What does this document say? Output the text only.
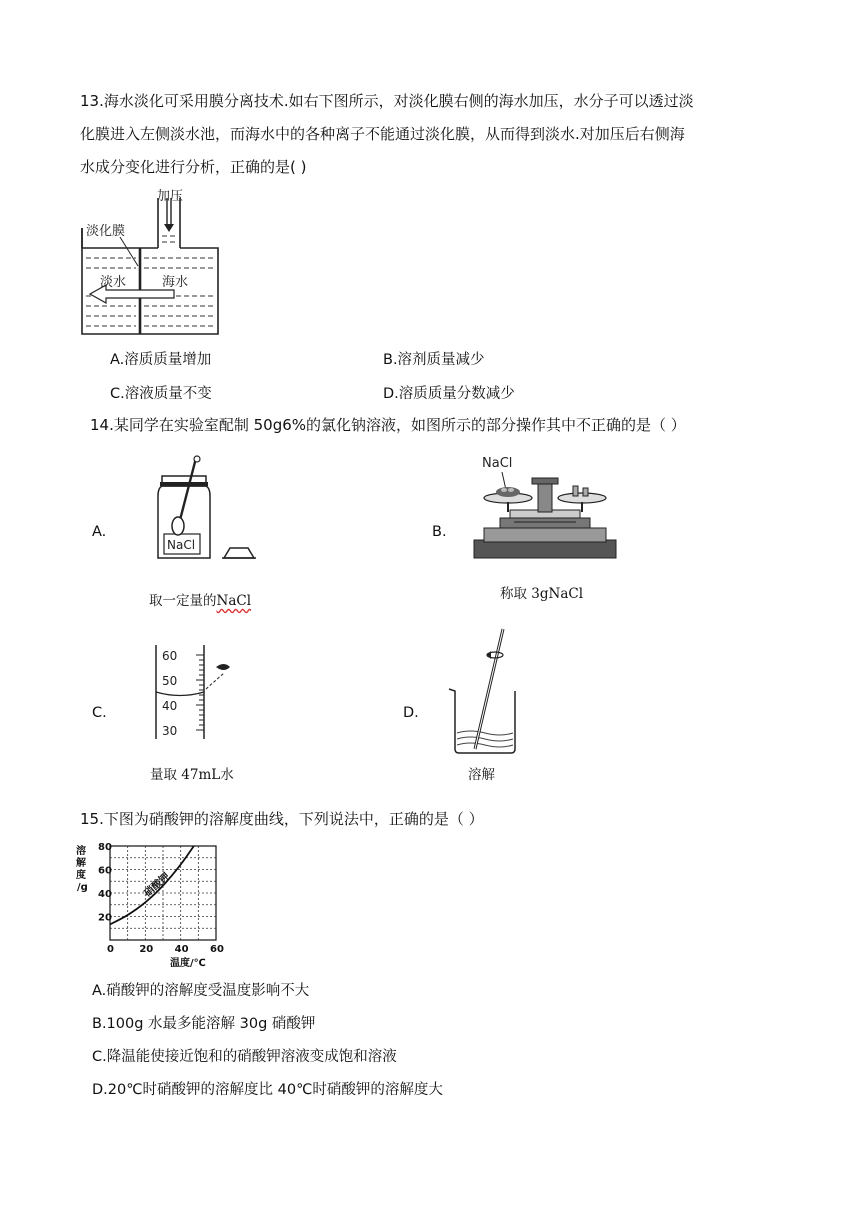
13.海水淡化可采用膜分离技术.如右下图所示，对淡化膜右侧的海水加压，水分子可以透过淡
化膜进入左侧淡水池，而海水中的各种离子不能通过淡化膜，从而得到淡水.对加压后右侧海
水成分变化进行分析，正确的是( )
加压
淡化膜
淡水	海水
A.溶质质量增加	B.溶剂质量减少
C.溶液质量不变	D.溶质质量分数减少
14.某同学在实验室配制 50g6%的氯化钠溶液，如图所示的部分操作其中不正确的是（ ）
A.
NaCl
取一定量的NaCl
B.
NaCl
称取 3gNaCl
C.
60
50
40
30
量取 47mL水
D.
溶解
15.下图为硝酸钾的溶解度曲线，下列说法中，正确的是（ ）
0	20 40 60
20
40
60
80
硝酸钾
溶
解
度
/g
温度/℃
A.硝酸钾的溶解度受温度影响不大
B.100g 水最多能溶解 30g 硝酸钾
C.降温能使接近饱和的硝酸钾溶液变成饱和溶液
D.20℃时硝酸钾的溶解度比 40℃时硝酸钾的溶解度大
